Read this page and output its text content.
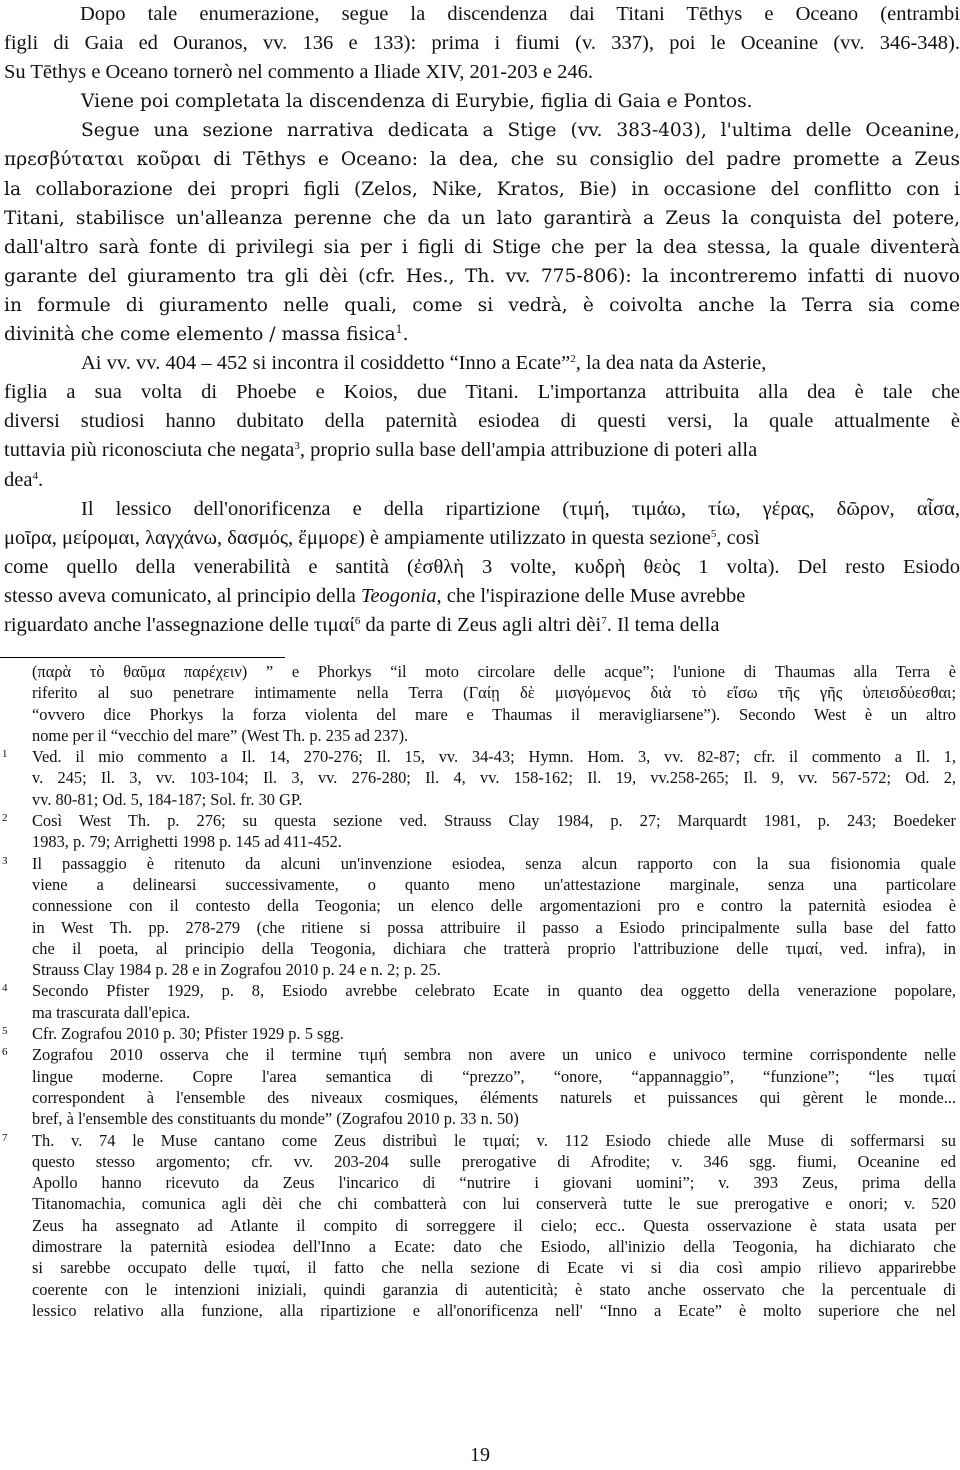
Dopo tale enumerazione, segue la discendenza dai Titani Tēthys e Oceano (entrambi
figli di Gaia ed Ouranos, vv. 136 e 133): prima i fiumi (v. 337), poi le Oceanine (vv. 346-348).
Su Tēthys e Oceano tornerò nel commento a Iliade XIV, 201-203 e 246.
Viene poi completata la discendenza di Eurybie, figlia di Gaia e Pontos.
Segue una sezione narrativa dedicata a Stige (vv. 383-403), l'ultima delle Oceanine,
πρεσβύταται κοῦραι di Tēthys e Oceano: la dea, che su consiglio del padre promette a Zeus
la collaborazione dei propri figli (Zelos, Nike, Kratos, Bie) in occasione del conflitto con i
Titani, stabilisce un'alleanza perenne che da un lato garantirà a Zeus la conquista del potere,
dall'altro sarà fonte di privilegi sia per i figli di Stige che per la dea stessa, la quale diventerà
garante del giuramento tra gli dèi (cfr. Hes., Th. vv. 775-806): la incontreremo infatti di nuovo
in formule di giuramento nelle quali, come si vedrà, è coivolta anche la Terra sia come
divinità che come elemento / massa fisica$^1$.
Ai vv. vv. 404 – 452 si incontra il cosiddetto “Inno a Ecate”$^2$, la dea nata da Asterie,
figlia a sua volta di Phoebe e Koios, due Titani. L'importanza attribuita alla dea è tale che
diversi studiosi hanno dubitato della paternità esiodea di questi versi, la quale attualmente è
tuttavia più riconosciuta che negata$^3$, proprio sulla base dell'ampia attribuzione di poteri alla
dea$^4$.
Il lessico dell'onorificenza e della ripartizione (τιμή, τιμάω, τίω, γέρας, δῶρον, αἶσα,
μοῖρα, μείρομαι, λαγχάνω, δασμός, ἔμμορε) è ampiamente utilizzato in questa sezione$^5$, così
come quello della venerabilità e santità (ἐσθλὴ 3 volte, κυδρὴ θεὸς 1 volta). Del resto Esiodo
stesso aveva comunicato, al principio della Teogonia, che l'ispirazione delle Muse avrebbe
riguardato anche l'assegnazione delle τιμαί$^6$ da parte di Zeus agli altri dèi$^7$. Il tema della
(παρὰ τὸ θαῦμα παρέχειν) ” e Phorkys “il moto circolare delle acque”; l'unione di Thaumas alla Terra è
riferito al suo penetrare intimamente nella Terra (Γαίῃ δὲ μισγόμενος διὰ τὸ εἴσω τῆς γῆς ὑπεισδύεσθαι;
“ovvero dice Phorkys la forza violenta del mare e Thaumas il meravigliarsene”). Secondo West è un altro
nome per il “vecchio del mare” (West Th. p. 235 ad 237).
1	Ved. il mio commento a Il. 14, 270-276; Il. 15, vv. 34-43; Hymn. Hom. 3, vv. 82-87; cfr. il commento a Il. 1,
v. 245; Il. 3, vv. 103-104; Il. 3, vv. 276-280; Il. 4, vv. 158-162; Il. 19, vv.258-265; Il. 9, vv. 567-572; Od. 2,
vv. 80-81; Od. 5, 184-187; Sol. fr. 30 GP.
2	Così West Th. p. 276; su questa sezione ved. Strauss Clay 1984, p. 27; Marquardt 1981, p. 243; Boedeker
1983, p. 79; Arrighetti 1998 p. 145 ad 411-452.
3	Il passaggio è ritenuto da alcuni un'invenzione esiodea, senza alcun rapporto con la sua fisionomia quale
viene a delinearsi successivamente, o quanto meno un'attestazione marginale, senza una particolare
connessione con il contesto della Teogonia; un elenco delle argomentazioni pro e contro la paternità esiodea è
in West Th. pp. 278-279 (che ritiene si possa attribuire il passo a Esiodo principalmente sulla base del fatto
che il poeta, al principio della Teogonia, dichiara che tratterà proprio l'attribuzione delle τιμαί, ved. infra), in
Strauss Clay 1984 p. 28 e in Zografou 2010 p. 24 e n. 2; p. 25.
4	Secondo Pfister 1929, p. 8, Esiodo avrebbe celebrato Ecate in quanto dea oggetto della venerazione popolare,
ma trascurata dall'epica.
5	Cfr. Zografou 2010 p. 30; Pfister 1929 p. 5 sgg.
6	Zografou 2010 osserva che il termine τιμή sembra non avere un unico e univoco termine corrispondente nelle
lingue moderne. Copre l'area semantica di “prezzo”, “onore, “appannaggio”, “funzione”; “les τιμαί
correspondent à l'ensemble des niveaux cosmiques, éléments naturels et puissances qui gèrent le monde...
bref, à l'ensemble des constituants du monde” (Zografou 2010 p. 33 n. 50)
7	Th. v. 74 le Muse cantano come Zeus distribuì le τιμαί; v. 112 Esiodo chiede alle Muse di soffermarsi su
questo stesso argomento; cfr. vv. 203-204 sulle prerogative di Afrodite; v. 346 sgg. fiumi, Oceanine ed
Apollo hanno ricevuto da Zeus l'incarico di “nutrire i giovani uomini”; v. 393 Zeus, prima della
Titanomachia, comunica agli dèi che chi combatterà con lui conserverà tutte le sue prerogative e onori; v. 520
Zeus ha assegnato ad Atlante il compito di sorreggere il cielo; ecc.. Questa osservazione è stata usata per
dimostrare la paternità esiodea dell'Inno a Ecate: dato che Esiodo, all'inizio della Teogonia, ha dichiarato che
si sarebbe occupato delle τιμαί, il fatto che nella sezione di Ecate vi si dia così ampio rilievo apparirebbe
coerente con le intenzioni iniziali, quindi garanzia di autenticità; è stato anche osservato che la percentuale di
lessico relativo alla funzione, alla ripartizione e all'onorificenza nell' “Inno a Ecate” è molto superiore che nel
19
